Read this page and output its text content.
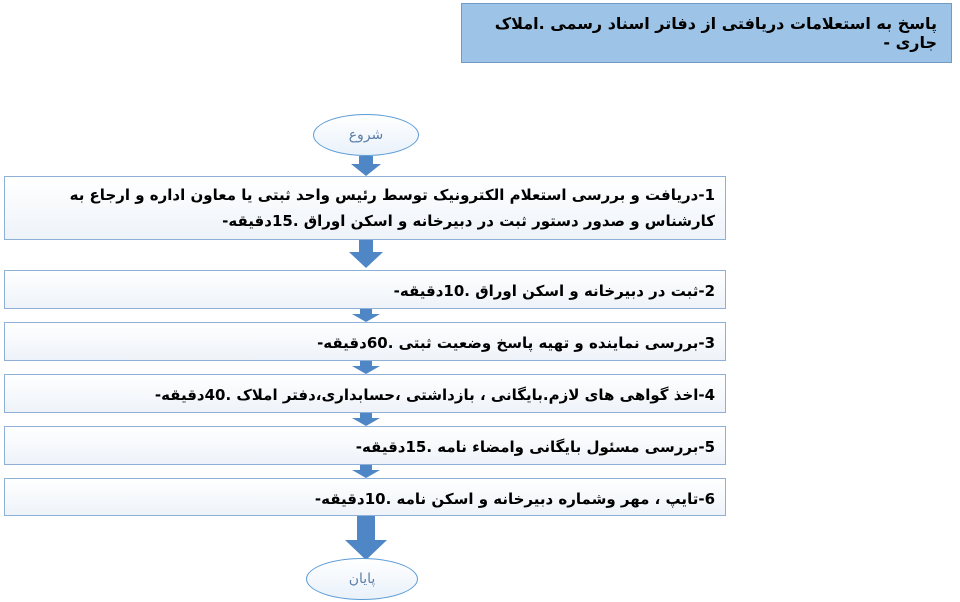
پاسخ به استعلامات دریافتی از دفاتر اسناد رسمی .املاک جاری -
شروع
1-دریافت و بررسی استعلام الکترونیک توسط رئیس واحد ثبتی یا معاون اداره و ارجاع به کارشناس و صدور دستور ثبت در دبیرخانه و اسکن اوراق .15دقیقه-
2-ثبت در دبیرخانه و اسکن اوراق .10دقیقه-
3-بررسی نماینده و تهیه پاسخ وضعیت ثبتی .60دقیقه-
4-اخذ گواهی های لازم.بایگانی ، بازداشتی ،حسابداری،دفتر املاک .40دقیقه-
5-بررسی مسئول بایگانی وامضاء نامه .15دقیقه-
6-تایپ ، مهر وشماره دبیرخانه و اسکن نامه .10دقیقه-
پایان
